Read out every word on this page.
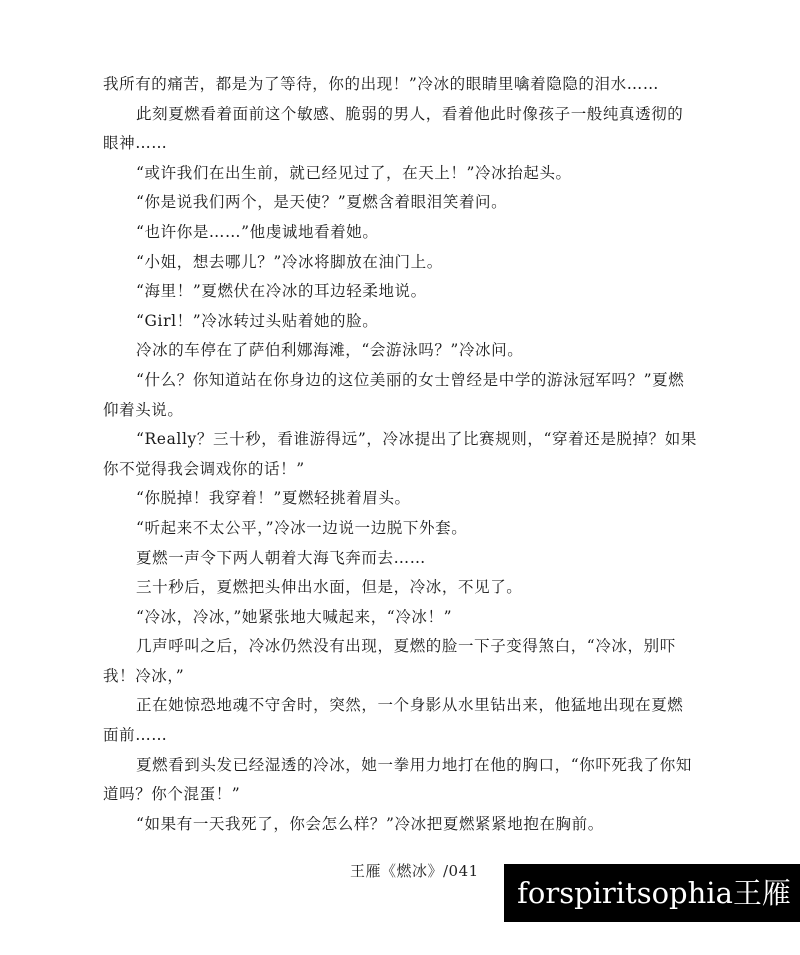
我所有的痛苦，都是为了等待，你的出现！”冷冰的眼睛里噙着隐隐的泪水……

此刻夏燃看着面前这个敏感、脆弱的男人，看着他此时像孩子一般纯真透彻的眼神……

“或许我们在出生前，就已经见过了，在天上！”冷冰抬起头。

“你是说我们两个，是天使？”夏燃含着眼泪笑着问。

“也许你是……”他虔诚地看着她。

“小姐，想去哪儿？”冷冰将脚放在油门上。

“海里！”夏燃伏在冷冰的耳边轻柔地说。

“Girl！”冷冰转过头贴着她的脸。

冷冰的车停在了萨伯利娜海滩，“会游泳吗？”冷冰问。

“什么？你知道站在你身边的这位美丽的女士曾经是中学的游泳冠军吗？”夏燃仰着头说。

“Really？三十秒，看谁游得远”，冷冰提出了比赛规则，“穿着还是脱掉？如果你不觉得我会调戏你的话！”

“你脱掉！我穿着！”夏燃轻挑着眉头。

“听起来不太公平，”冷冰一边说一边脱下外套。

夏燃一声令下两人朝着大海飞奔而去……

三十秒后，夏燃把头伸出水面，但是，冷冰，不见了。

“冷冰，冷冰，”她紧张地大喊起来，“冷冰！”

几声呼叫之后，冷冰仍然没有出现，夏燃的脸一下子变得煞白，“冷冰，别吓我！冷冰，”

正在她惊恐地魂不守舍时，突然，一个身影从水里钻出来，他猛地出现在夏燃面前……

夏燃看到头发已经湿透的冷冰，她一拳用力地打在他的胸口，“你吓死我了你知道吗？你个混蛋！”

“如果有一天我死了，你会怎么样？”冷冰把夏燃紧紧地抱在胸前。

王雁《燃冰》/041
forspiritsophia王雁
